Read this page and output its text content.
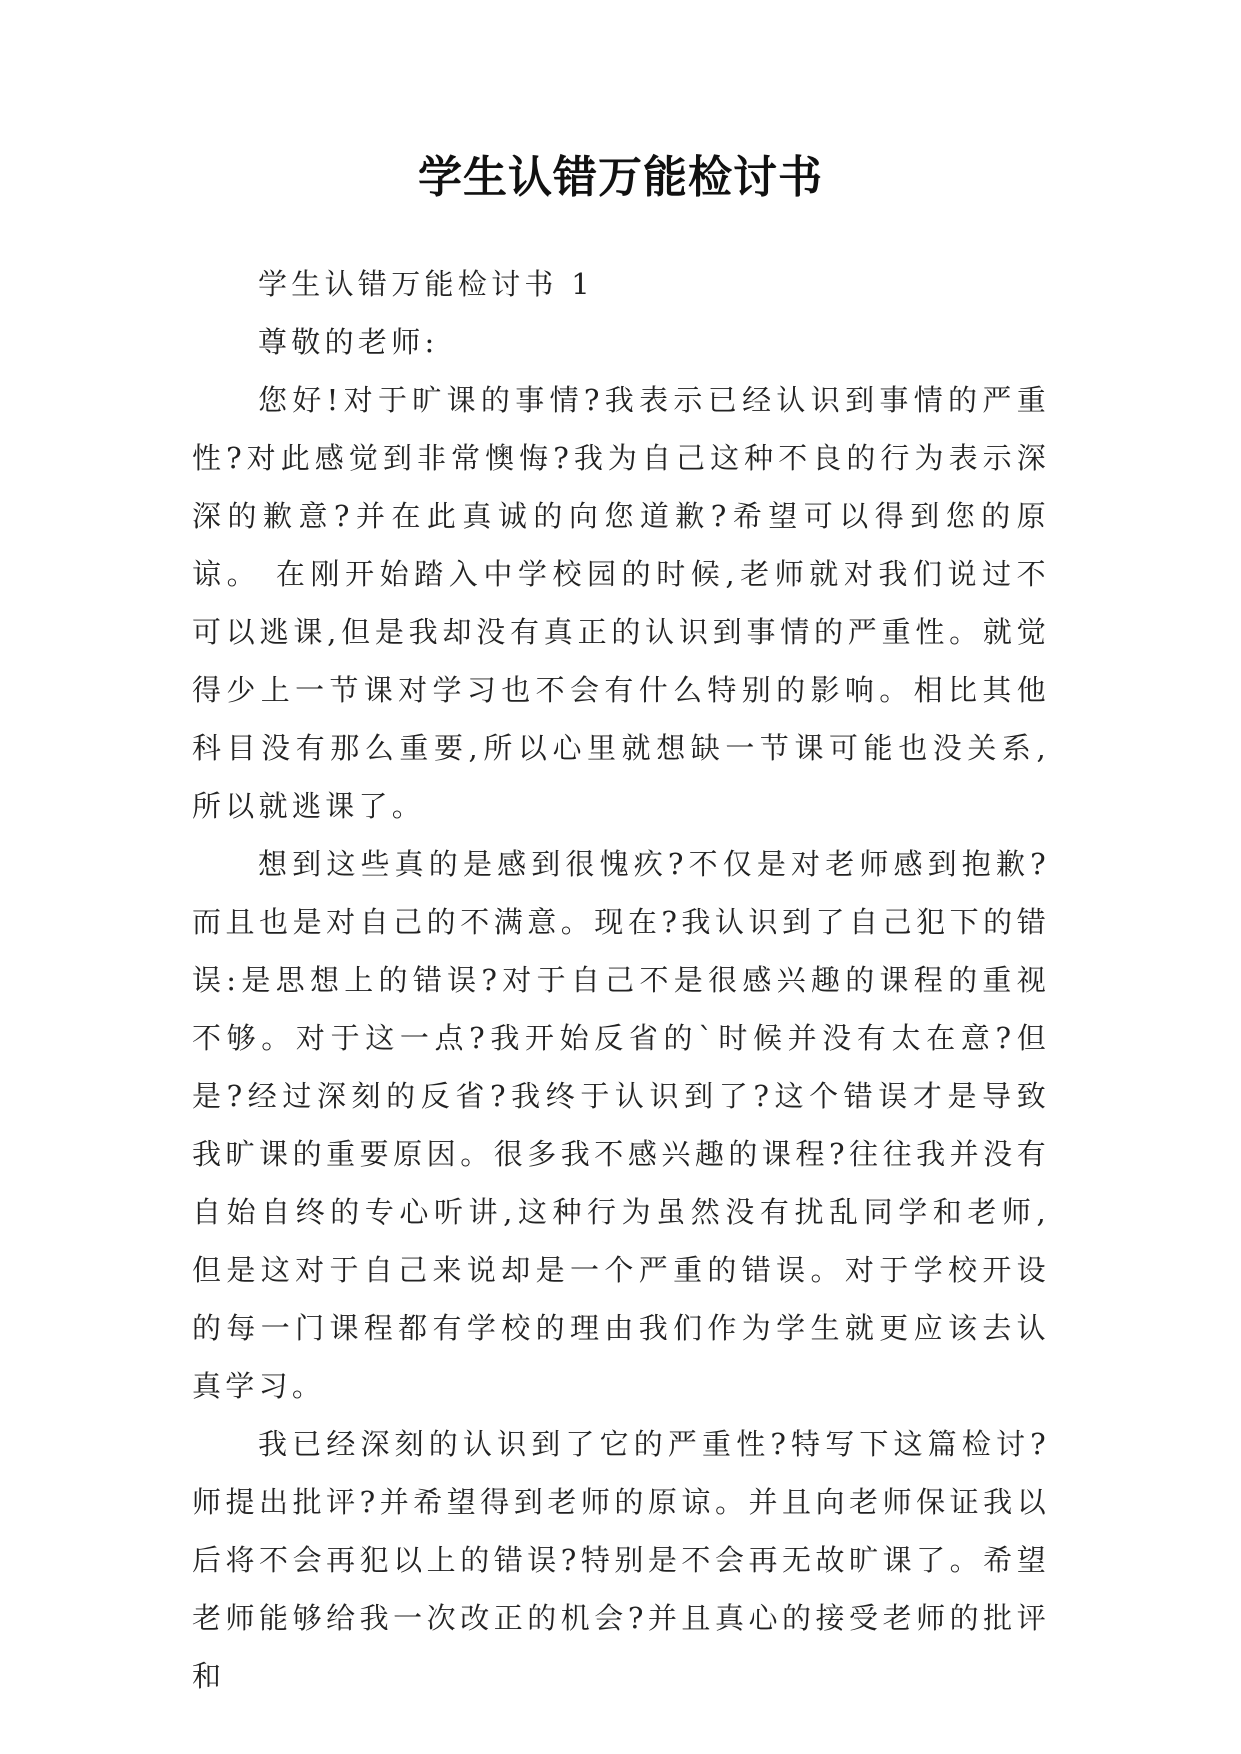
学生认错万能检讨书

学生认错万能检讨书 1

尊敬的老师:

您好!对于旷课的事情?我表示已经认识到事情的严重性?对此感觉到非常懊悔?我为自己这种不良的行为表示深深的歉意?并在此真诚的向您道歉?希望可以得到您的原谅。 在刚开始踏入中学校园的时候,老师就对我们说过不可以逃课,但是我却没有真正的认识到事情的严重性。就觉得少上一节课对学习也不会有什么特别的影响。相比其他科目没有那么重要,所以心里就想缺一节课可能也没关系,所以就逃课了。

想到这些真的是感到很愧疚?不仅是对老师感到抱歉?而且也是对自己的不满意。现在?我认识到了自己犯下的错误:是思想上的错误?对于自己不是很感兴趣的课程的重视不够。对于这一点?我开始反省的`时候并没有太在意?但是?经过深刻的反省?我终于认识到了?这个错误才是导致我旷课的重要原因。很多我不感兴趣的课程?往往我并没有自始自终的专心听讲,这种行为虽然没有扰乱同学和老师,但是这对于自己来说却是一个严重的错误。对于学校开设的每一门课程都有学校的理由我们作为学生就更应该去认真学习。

我已经深刻的认识到了它的严重性?特写下这篇检讨?师提出批评?并希望得到老师的原谅。并且向老师保证我以后将不会再犯以上的错误?特别是不会再无故旷课了。希望老师能够给我一次改正的机会?并且真心的接受老师的批评和
